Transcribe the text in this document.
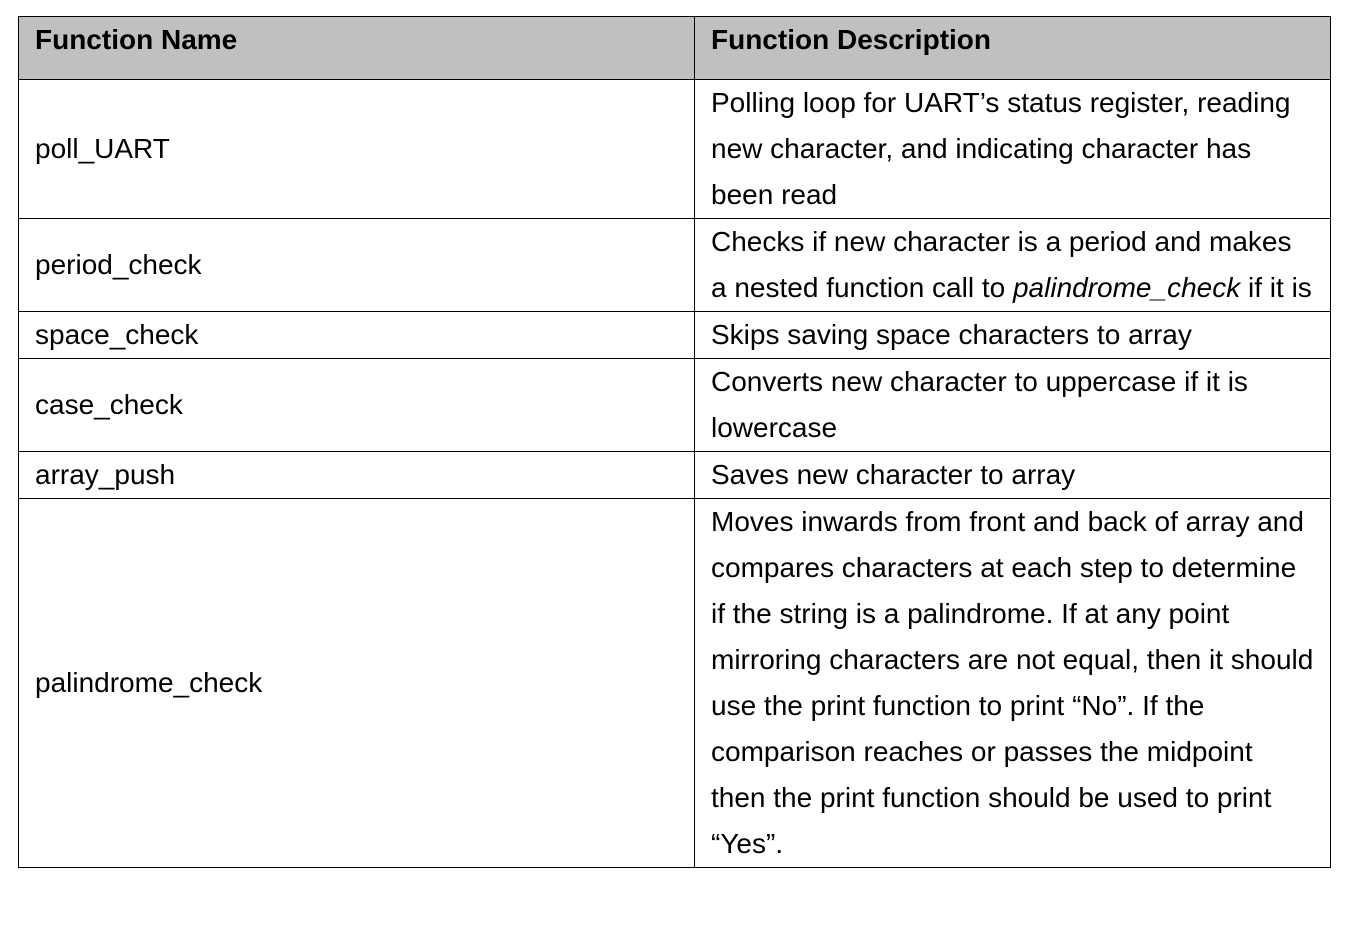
Function Name	Function Description
poll_UART	Polling loop for UART’s status register, reading new character, and indicating character has been read
period_check	Checks if new character is a period and makes a nested function call to palindrome_check if it is
space_check	Skips saving space characters to array
case_check	Converts new character to uppercase if it is lowercase
array_push	Saves new character to array
palindrome_check	Moves inwards from front and back of array and compares characters at each step to determine if the string is a palindrome. If at any point mirroring characters are not equal, then it should use the print function to print “No”. If the comparison reaches or passes the midpoint then the print function should be used to print “Yes”.
